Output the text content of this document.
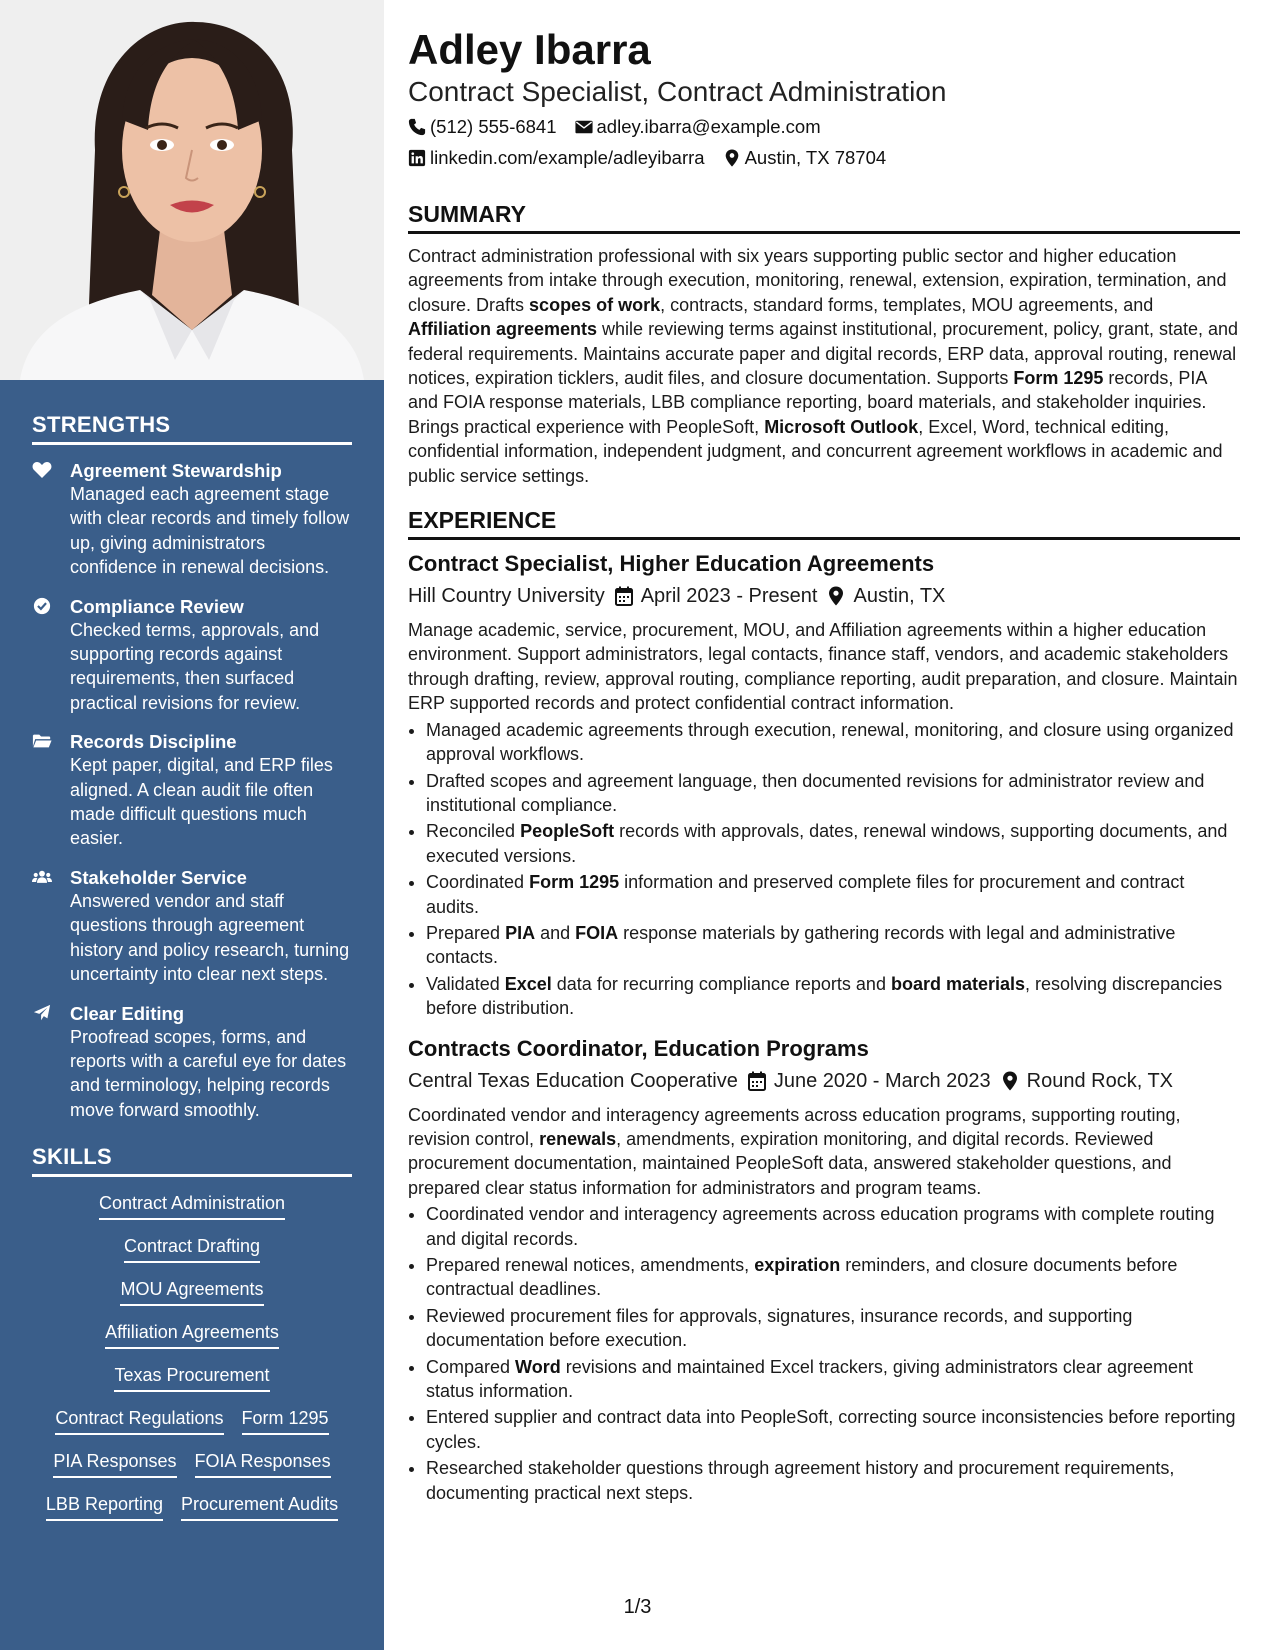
STRENGTHS
Agreement Stewardship
Managed each agreement stage with clear records and timely follow up, giving administrators confidence in renewal decisions.
Compliance Review
Checked terms, approvals, and supporting records against requirements, then surfaced practical revisions for review.
Records Discipline
Kept paper, digital, and ERP files aligned. A clean audit file often made difficult questions much easier.
Stakeholder Service
Answered vendor and staff questions through agreement history and policy research, turning uncertainty into clear next steps.
Clear Editing
Proofread scopes, forms, and reports with a careful eye for dates and terminology, helping records move forward smoothly.
SKILLS
Contract Administration
Contract Drafting
MOU Agreements
Affiliation Agreements
Texas Procurement
Contract Regulations Form 1295
PIA Responses FOIA Responses
LBB Reporting Procurement Audits
Adley Ibarra
Contract Specialist, Contract Administration
(512) 555-6841 adley.ibarra@example.com
linkedin.com/example/adleyibarra Austin, TX 78704
SUMMARY
Contract administration professional with six years supporting public sector and higher education agreements from intake through execution, monitoring, renewal, extension, expiration, termination, and closure. Drafts scopes of work, contracts, standard forms, templates, MOU agreements, and Affiliation agreements while reviewing terms against institutional, procurement, policy, grant, state, and federal requirements. Maintains accurate paper and digital records, ERP data, approval routing, renewal notices, expiration ticklers, audit files, and closure documentation. Supports Form 1295 records, PIA and FOIA response materials, LBB compliance reporting, board materials, and stakeholder inquiries. Brings practical experience with PeopleSoft, Microsoft Outlook, Excel, Word, technical editing, confidential information, independent judgment, and concurrent agreement workflows in academic and public service settings.
EXPERIENCE
Contract Specialist, Higher Education Agreements
Hill Country University April 2023 - Present Austin, TX
Manage academic, service, procurement, MOU, and Affiliation agreements within a higher education environment. Support administrators, legal contacts, finance staff, vendors, and academic stakeholders through drafting, review, approval routing, compliance reporting, audit preparation, and closure. Maintain ERP supported records and protect confidential contract information.
• Managed academic agreements through execution, renewal, monitoring, and closure using organized approval workflows.
• Drafted scopes and agreement language, then documented revisions for administrator review and institutional compliance.
• Reconciled PeopleSoft records with approvals, dates, renewal windows, supporting documents, and executed versions.
• Coordinated Form 1295 information and preserved complete files for procurement and contract audits.
• Prepared PIA and FOIA response materials by gathering records with legal and administrative contacts.
• Validated Excel data for recurring compliance reports and board materials, resolving discrepancies before distribution.
Contracts Coordinator, Education Programs
Central Texas Education Cooperative June 2020 - March 2023 Round Rock, TX
Coordinated vendor and interagency agreements across education programs, supporting routing, revision control, renewals, amendments, expiration monitoring, and digital records. Reviewed procurement documentation, maintained PeopleSoft data, answered stakeholder questions, and prepared clear status information for administrators and program teams.
• Coordinated vendor and interagency agreements across education programs with complete routing and digital records.
• Prepared renewal notices, amendments, expiration reminders, and closure documents before contractual deadlines.
• Reviewed procurement files for approvals, signatures, insurance records, and supporting documentation before execution.
• Compared Word revisions and maintained Excel trackers, giving administrators clear agreement status information.
• Entered supplier and contract data into PeopleSoft, correcting source inconsistencies before reporting cycles.
• Researched stakeholder questions through agreement history and procurement requirements, documenting practical next steps.
1/3
